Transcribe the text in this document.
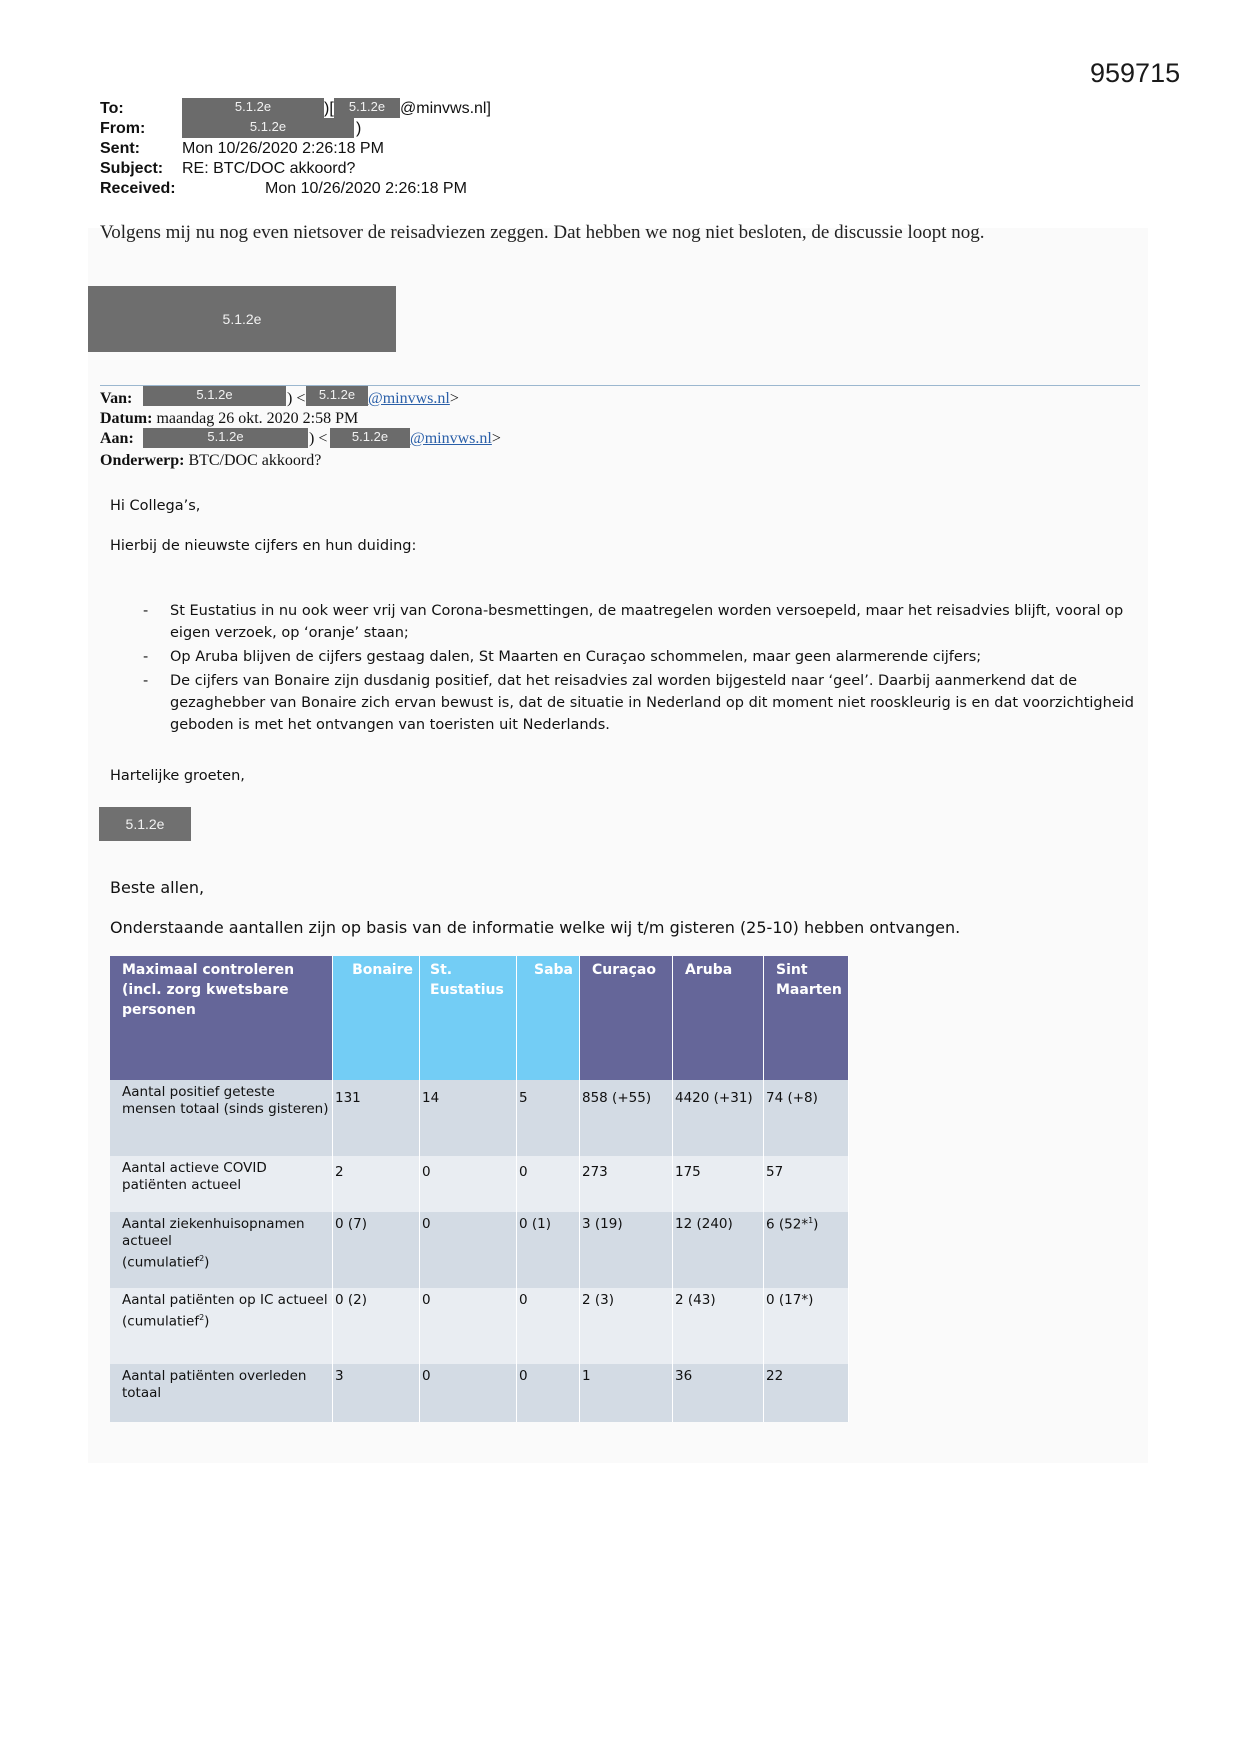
959715
To:	5.1.2e	)[	5.1.2e @minvws.nl]
From:	5.1.2e	)
Sent:	Mon 10/26/2020 2:26:18 PM
Subject: RE: BTC/DOC akkoord?
Received:	Mon 10/26/2020 2:26:18 PM
Volgens mij nu nog even nietsover de reisadviezen zeggen. Dat hebben we nog niet besloten, de discussie loopt nog.
5.1.2e
Van:	5.1.2e	) <	5.1.2e @minvws.nl>
Datum: maandag 26 okt. 2020 2:58 PM
Aan:	5.1.2e	) <	5.1.2e	@minvws.nl>
Onderwerp: BTC/DOC akkoord?
Hi Collega’s,
Hierbij de nieuwste cijfers en hun duiding:
- St Eustatius in nu ook weer vrij van Corona-besmettingen, de maatregelen worden versoepeld, maar het reisadvies blijft, vooral op eigen verzoek, op ‘oranje’ staan;
- Op Aruba blijven de cijfers gestaag dalen, St Maarten en Curaçao schommelen, maar geen alarmerende cijfers;
- De cijfers van Bonaire zijn dusdanig positief, dat het reisadvies zal worden bijgesteld naar ‘geel’. Daarbij aanmerkend dat de gezaghebber van Bonaire zich ervan bewust is, dat de situatie in Nederland op dit moment niet rooskleurig is en dat voorzichtigheid geboden is met het ontvangen van toeristen uit Nederlands.
Hartelijke groeten,
5.1.2e
Beste allen,
Onderstaande aantallen zijn op basis van de informatie welke wij t/m gisteren (25-10) hebben ontvangen.
Maximaal controleren (incl. zorg kwetsbare personen	Bonaire	St. Eustatius	Saba	Curaçao	Aruba	Sint Maarten
Aantal positief geteste mensen totaal (sinds gisteren)	131	14	5	858 (+55)	4420 (+31)	74 (+8)
Aantal actieve COVID patiënten actueel	2	0	0	273	175	57
Aantal ziekenhuisopnamen actueel
(cumulatief$^2$)	0 (7)	0	0 (1)	3 (19)	12 (240)	6 (52*$^1$)
Aantal patiënten op IC actueel
(cumulatief$^2$)	0 (2)	0	0	2 (3)	2 (43)	0 (17*)
Aantal patiënten overleden totaal	3	0	0	1	36	22
